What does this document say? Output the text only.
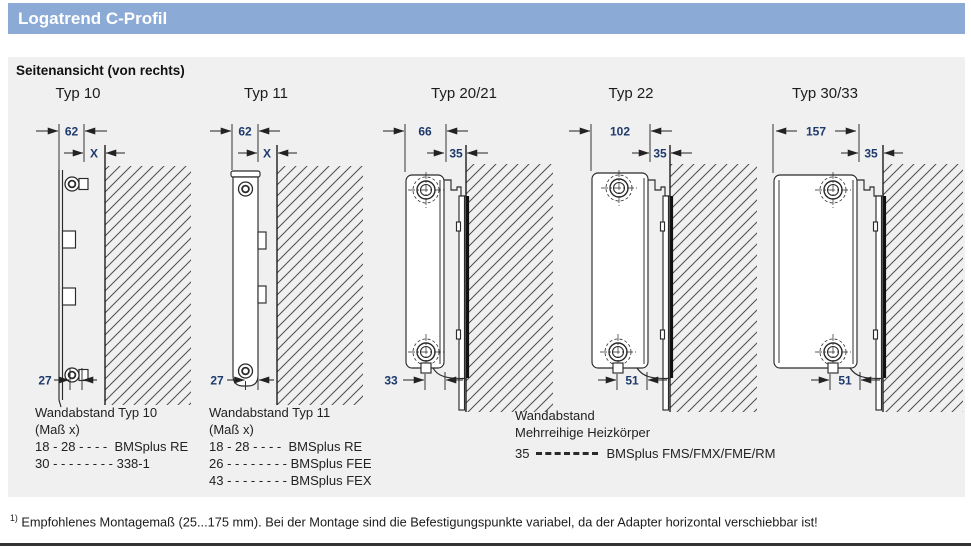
Logatrend C-Profil
Seitenansicht (von rechts)
Typ 10	Typ 11	Typ 20/21	Typ 22	Typ 30/33
62
X
27
62
X
27
66
35
33
102
35
51
157
35
51
Wandabstand Typ 10
(Maß x)
18 - 28 - - - -  BMSplus RE
30 - - - - - - - - 338-1
Wandabstand Typ 11
(Maß x)
18 - 28 - - - -  BMSplus RE
26 - - - - - - - - BMSplus FEE
43 - - - - - - - - BMSplus FEX
Wandabstand
Mehrreihige Heizkörper
35	BMSplus FMS/FMX/FME/RM
$^{1)}$ Empfohlenes Montagemaß (25...175 mm). Bei der Montage sind die Befestigungspunkte variabel, da der Adapter horizontal verschiebbar ist!
